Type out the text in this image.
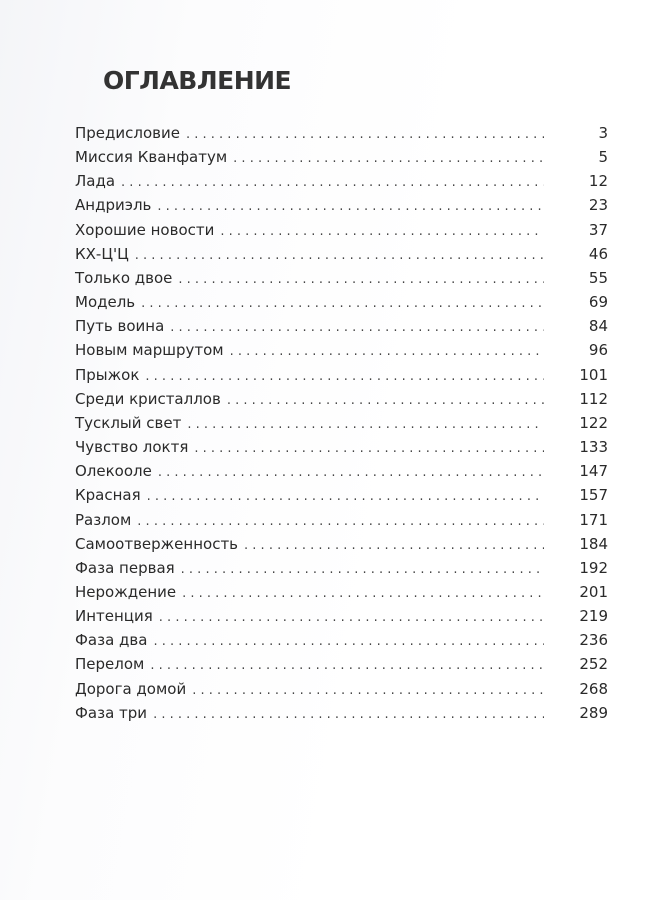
ОГЛАВЛЕНИЕ
Предисловие . . .	3
Миссия Кванфатум . . .	5
Лада . . .	12
Андриэль . . .	23
Хорошие новости . . .	37
КХ-Ц'Ц . . .	46
Только двое . . .	55
Модель . . .	69
Путь воина . . .	84
Новым маршрутом . . .	96
Прыжок . . .	101
Среди кристаллов . . .	112
Тусклый свет . . .	122
Чувство локтя . . .	133
Олекооле . . .	147
Красная . . .	157
Разлом . . .	171
Самоотверженность . . .	184
Фаза первая . . .	192
Нерождение . . .	201
Интенция . . .	219
Фаза два . . .	236
Перелом . . .	252
Дорога домой . . .	268
Фаза три . . .	289
